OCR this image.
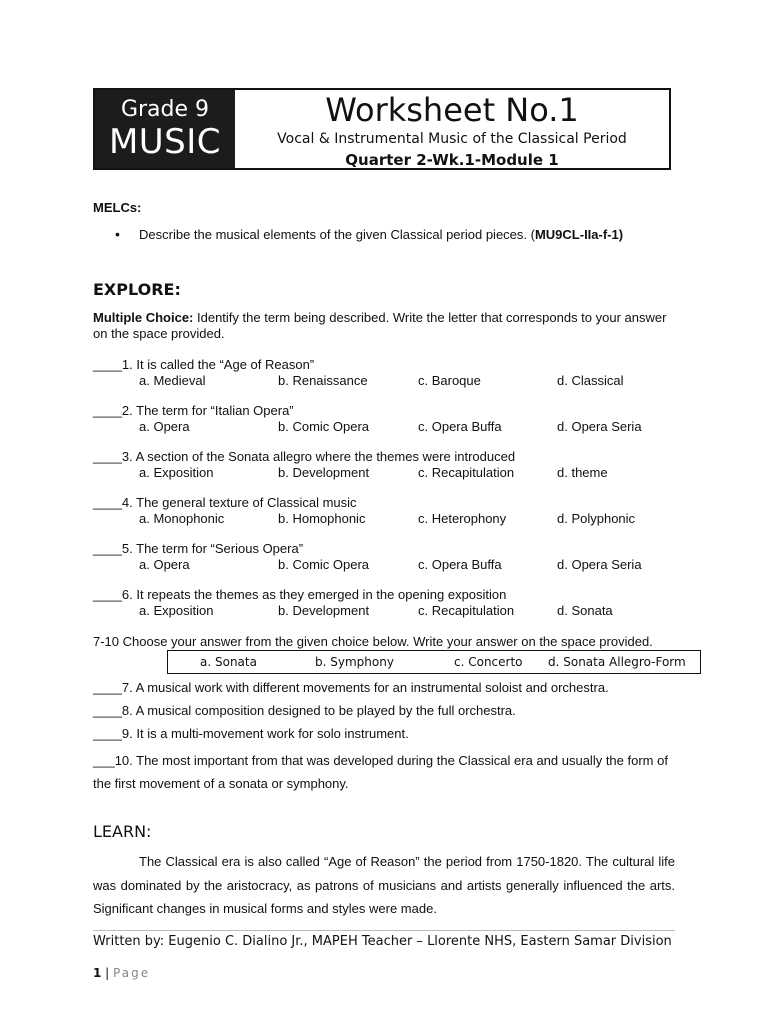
Grade 9
MUSIC
Worksheet No.1
Vocal & Instrumental Music of the Classical Period
Quarter 2-Wk.1-Module 1
MELCs:
• Describe the musical elements of the given Classical period pieces. (MU9CL-IIa-f-1)
EXPLORE:
Multiple Choice: Identify the term being described. Write the letter that corresponds to your answer on the space provided.
____1. It is called the “Age of Reason”
a. Medieval	b. Renaissance	c. Baroque	d. Classical
____2. The term for “Italian Opera”
a. Opera	b. Comic Opera	c. Opera Buffa	d. Opera Seria
____3. A section of the Sonata allegro where the themes were introduced
a. Exposition	b. Development	c. Recapitulation	d. theme
____4. The general texture of Classical music
a. Monophonic	b. Homophonic	c. Heterophony	d. Polyphonic
____5. The term for “Serious Opera”
a. Opera	b. Comic Opera	c. Opera Buffa	d. Opera Seria
____6. It repeats the themes as they emerged in the opening exposition
a. Exposition	b. Development	c. Recapitulation	d. Sonata
7-10 Choose your answer from the given choice below. Write your answer on the space provided.
a. Sonata	b. Symphony	c. Concerto d. Sonata Allegro-Form
____7. A musical work with different movements for an instrumental soloist and orchestra.
____8. A musical composition designed to be played by the full orchestra.
____9. It is a multi-movement work for solo instrument.
___10. The most important from that was developed during the Classical era and usually the form of the first movement of a sonata or symphony.
LEARN:
The Classical era is also called “Age of Reason” the period from 1750-1820. The cultural life was dominated by the aristocracy, as patrons of musicians and artists generally influenced the arts. Significant changes in musical forms and styles were made.
Written by: Eugenio C. Dialino Jr., MAPEH Teacher – Llorente NHS, Eastern Samar Division
1 | Page
